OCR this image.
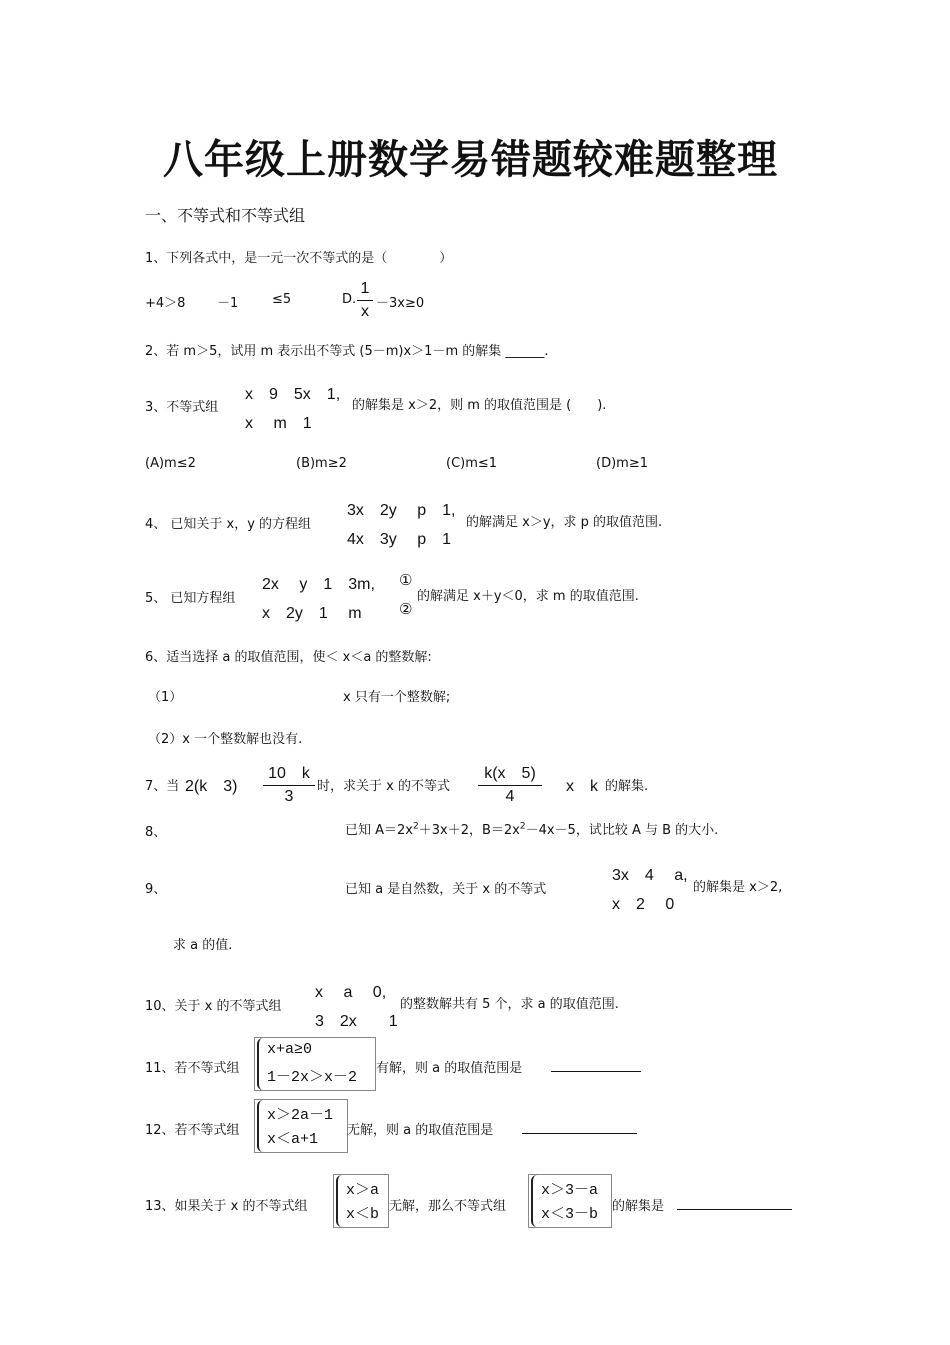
八年级上册数学易错题较难题整理
一、不等式和不等式组
1、下列各式中，是一元一次不等式的是（　　　　）
+4＞8 －1	≤5	D.
1
x －3x≥0
2、若 m＞5，试用 m 表示出不等式 (5－m)x＞1－m 的解集 ______.
3、不等式组
x　9　5x　1,
x　 m　1
的解集是 x＞2，则 m 的取值范围是 (　　).
(A)m≤2	(B)m≥2	(C)m≤1	(D)m≥1
4、 已知关于 x，y 的方程组
3x　2y　 p　1,
4x　3y　 p　1
的解满足 x＞y，求 p 的取值范围.
5、 已知方程组
2x　 y　1　3m,
x　2y　1　 m
①
②
的解满足 x＋y＜0，求 m 的取值范围.
6、适当选择 a 的取值范围，使＜ x＜a 的整数解:
（1）	x 只有一个整数解;
（2）x 一个整数解也没有.
7、当 2(k　3)
10　k
3
时，求关于 x 的不等式
k(x　5)
4
x　k 的解集.
8、	已知 $A=2x^2+3x+2$，$B=2x^2-4x-5$，试比较 A 与 B 的大小.
9、	已知 a 是自然数，关于 x 的不等式
3x　4　 a,
x　2　 0
的解集是 x＞2,
求 a 的值.
10、关于 x 的不等式组
x　 a　 0,
3　2x　　1
的整数解共有 5 个，求 a 的取值范围.
11、若不等式组
x+a≥0
1－2x＞x－2
有解，则 a 的取值范围是
12、若不等式组
x＞2a－1
x＜a+1
无解，则 a 的取值范围是
13、如果关于 x 的不等式组
x＞a
x＜b 无解，那么不等式组
x＞3－a
x＜3－b 的解集是
